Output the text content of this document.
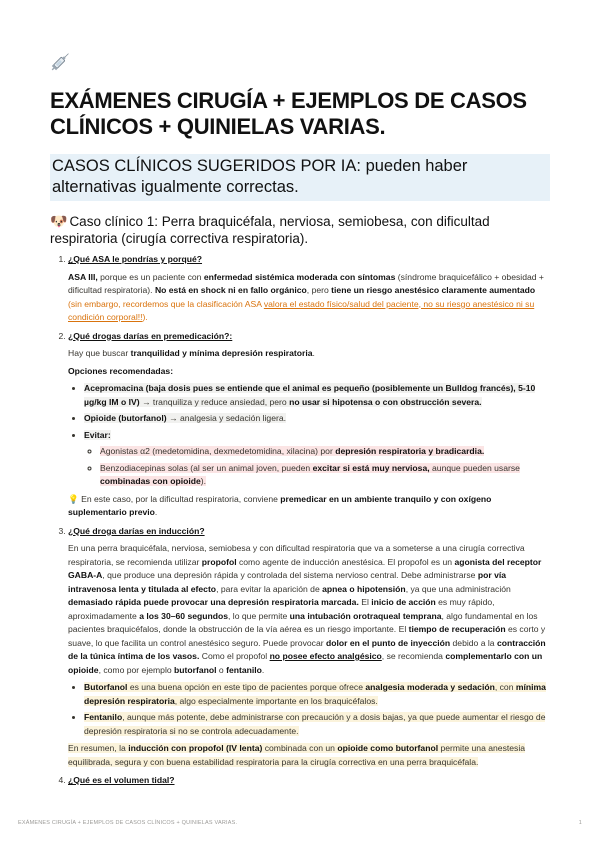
EXÁMENES CIRUGÍA + EJEMPLOS DE CASOS CLÍNICOS + QUINIELAS VARIAS.
CASOS CLÍNICOS SUGERIDOS POR IA: pueden haber alternativas igualmente correctas.
🐶 Caso clínico 1: Perra braquicéfala, nerviosa, semiobesa, con dificultad respiratoria (cirugía correctiva respiratoria).
1. ¿Qué ASA le pondrías y porqué?

ASA III, porque es un paciente con enfermedad sistémica moderada con síntomas (síndrome braquicefálico + obesidad + dificultad respiratoria). No está en shock ni en fallo orgánico, pero tiene un riesgo anestésico claramente aumentado (sin embargo, recordemos que la clasificación ASA valora el estado físico/salud del paciente, no su riesgo anestésico ni su condición corporal!!).

2. ¿Qué drogas darías en premedicación?:

Hay que buscar tranquilidad y mínima depresión respiratoria.

Opciones recomendadas:

• Acepromacina (baja dosis pues se entiende que el animal es pequeño (posiblemente un Bulldog francés), 5-10 µg/kg IM o IV) → tranquiliza y reduce ansiedad, pero no usar si hipotensa o con obstrucción severa.
• Opioide (butorfanol) → analgesia y sedación ligera.
• Evitar:
◦ Agonistas α2 (medetomidina, dexmedetomidina, xilacina) por depresión respiratoria y bradicardia.
◦ Benzodiacepinas solas (al ser un animal joven, pueden excitar si está muy nerviosa, aunque pueden usarse combinadas con opioide).

💡 En este caso, por la dificultad respiratoria, conviene premedicar en un ambiente tranquilo y con oxígeno suplementario previo.

3. ¿Qué droga darías en inducción?

En una perra braquicéfala, nerviosa, semiobesa y con dificultad respiratoria que va a someterse a una cirugía correctiva respiratoria, se recomienda utilizar propofol como agente de inducción anestésica. El propofol es un agonista del receptor GABA-A, que produce una depresión rápida y controlada del sistema nervioso central. Debe administrarse por vía intravenosa lenta y titulada al efecto, para evitar la aparición de apnea o hipotensión, ya que una administración demasiado rápida puede provocar una depresión respiratoria marcada. El inicio de acción es muy rápido, aproximadamente a los 30–60 segundos, lo que permite una intubación orotraqueal temprana, algo fundamental en los pacientes braquicéfalos, donde la obstrucción de la vía aérea es un riesgo importante. El tiempo de recuperación es corto y suave, lo que facilita un control anestésico seguro. Puede provocar dolor en el punto de inyección debido a la contracción de la túnica íntima de los vasos. Como el propofol no posee efecto analgésico, se recomienda complementarlo con un opioide, como por ejemplo butorfanol o fentanilo.

• Butorfanol es una buena opción en este tipo de pacientes porque ofrece analgesia moderada y sedación, con mínima depresión respiratoria, algo especialmente importante en los braquicéfalos.
• Fentanilo, aunque más potente, debe administrarse con precaución y a dosis bajas, ya que puede aumentar el riesgo de depresión respiratoria si no se controla adecuadamente.

En resumen, la inducción con propofol (IV lenta) combinada con un opioide como butorfanol permite una anestesia equilibrada, segura y con buena estabilidad respiratoria para la cirugía correctiva en una perra braquicéfala.

4. ¿Qué es el volumen tidal?
EXÁMENES CIRUGÍA + EJEMPLOS DE CASOS CLÍNICOS + QUINIELAS VARIAS.	1
